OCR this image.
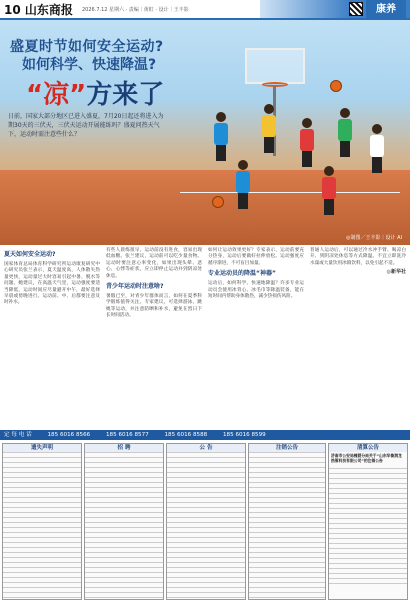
10 山东商报 2026.7.12 星期六 · 责编｜黄虹 · 设计｜王丰影	康养
盛夏时节如何安全运动?
如何科学、快速降温?
“凉”方来了
日前，国家大部分地区已进入盛夏，7月20日起还将进入为期30天的三伏天，三伏天运动开展能练吗？盛夏问热天气下，运动时需注意些什么？
◎制图／王丰影｜设计 AI
夏天如何安全运动?

国家体育总局体育科学研究所运动康复研究中心研究员张兰表示，夏天温度高，人体散失热量更快，运动量过大时容易引起中暑、脱水等问题。她建议，在高温天气里，运动强度要适当降低，运动时间应尽量避开中午，最好选择早晨或傍晚进行。运动前、中、后都要注意及时补水。

有些人晨练很早，运动前没有进食，容易出现低血糖。张兰建议，运动前可以吃少量食物。运动时要注意心率变化，如果出现头晕、恶心、心悸等症状，应立即停止运动并到阴凉处休息。

青少年运动时注意啥?

暑假已至，对青少年群体而言，如何在夏季科学锻炼值得关注。专家建议，可选择游泳、跳绳等运动，并注意防晒和补水，避免在烈日下长时间活动。

如何让运动效果更好？专家表示，运动前要充分热身，运动后要做好拉伸放松。运动强度应循序渐进，不可盲目加量。

专业运动员的降温“神器”

运动后，如何科学、快速地降温？许多专业运动员会使用冰背心、冰毛巾等降温装备，能在短时间内帮助身体散热，减少热损伤风险。

普通人运动后，可以通过冷水冲手臂、喝凉白开、到阴凉处休息等方式降温。不宜立即洗冷水澡或大量饮用冰镇饮料，以免引起不适。

◎新华社
定 每 电 话	185 6016 8566	185 6016 8577	185 6016 8588	185 6016 8599
遗失声明	招 聘	公 告	注销公告	清算公告
济南市公安局槐荫分局关于“山东华鲁润龙热管科技有限公司”的注销公告
